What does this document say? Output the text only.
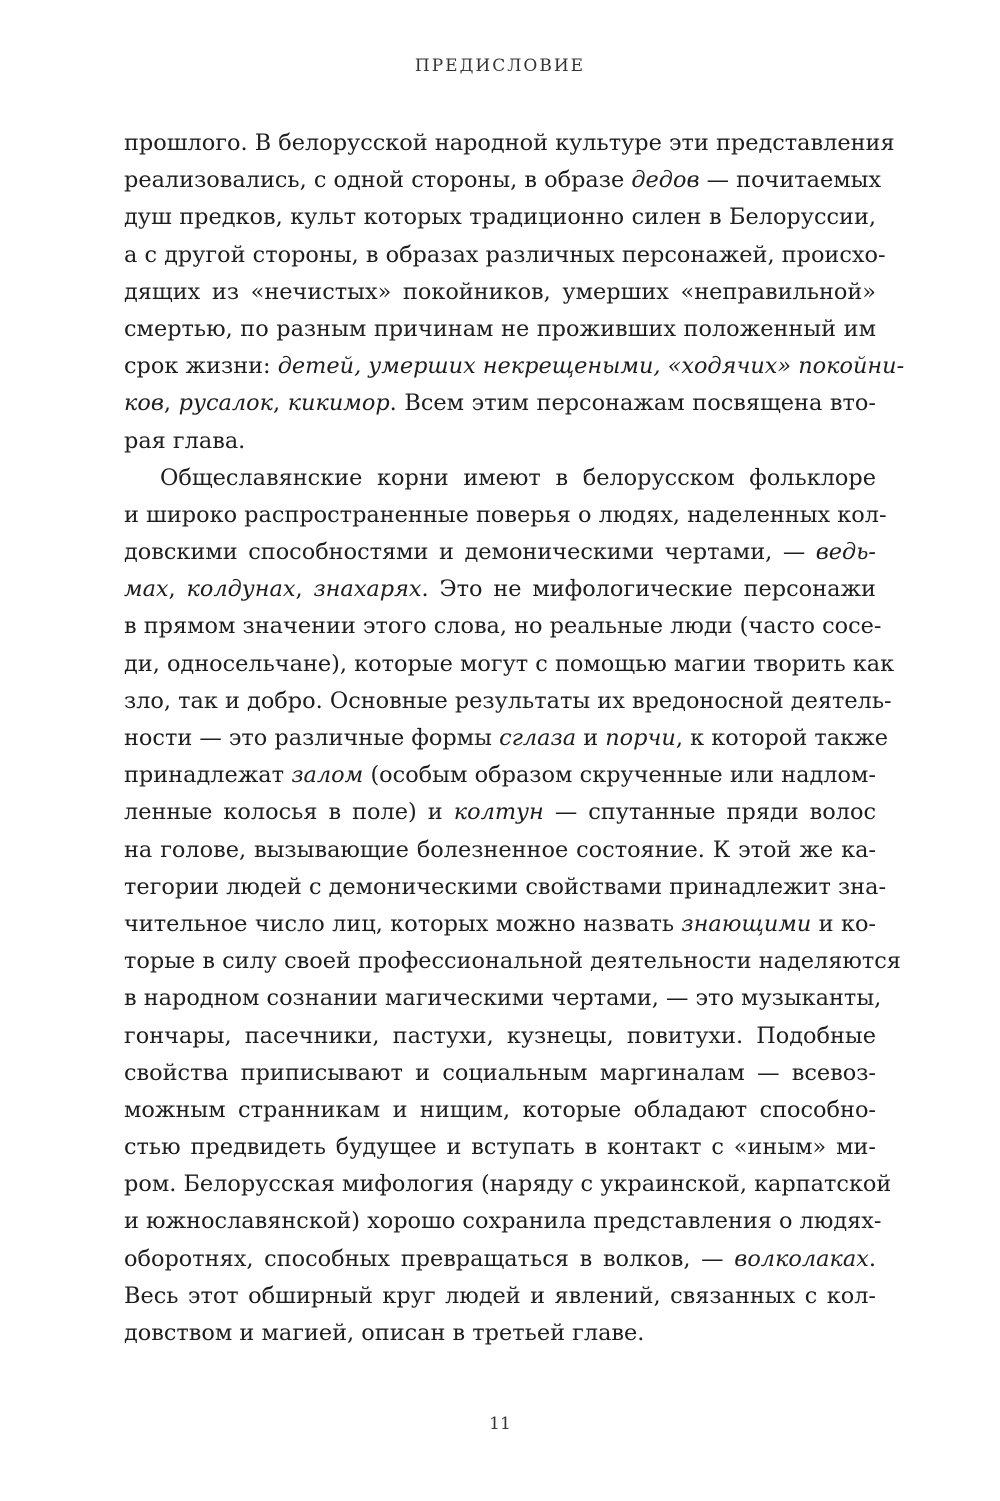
ПРЕДИСЛОВИЕ
прошлого. В белорусской народной культуре эти представления
реализовались, с одной стороны, в образе дедов — почитаемых
душ предков, культ которых традиционно силен в Белоруссии,
а с другой стороны, в образах различных персонажей, происхо-
дящих из «нечистых» покойников, умерших «неправильной»
смертью, по разным причинам не проживших положенный им
срок жизни: детей, умерших некрещеными, «ходячих» покойни-
ков, русалок, кикимор. Всем этим персонажам посвящена вто-
рая глава.
Общеславянские корни имеют в белорусском фольклоре
и широко распространенные поверья о людях, наделенных кол-
довскими способностями и демоническими чертами, — ведь-
мах, колдунах, знахарях. Это не мифологические персонажи
в прямом значении этого слова, но реальные люди (часто сосе-
ди, односельчане), которые могут с помощью магии творить как
зло, так и добро. Основные результаты их вредоносной деятель-
ности — это различные формы сглаза и порчи, к которой также
принадлежат залом (особым образом скрученные или надлом-
ленные колосья в поле) и колтун — спутанные пряди волос
на голове, вызывающие болезненное состояние. К этой же ка-
тегории людей с демоническими свойствами принадлежит зна-
чительное число лиц, которых можно назвать знающими и ко-
торые в силу своей профессиональной деятельности наделяются
в народном сознании магическими чертами, — это музыканты,
гончары, пасечники, пастухи, кузнецы, повитухи. Подобные
свойства приписывают и социальным маргиналам — всевоз-
можным странникам и нищим, которые обладают способно-
стью предвидеть будущее и вступать в контакт с «иным» ми-
ром. Белорусская мифология (наряду с украинской, карпатской
и южнославянской) хорошо сохранила представления о людях-
оборотнях, способных превращаться в волков, — волколаках.
Весь этот обширный круг людей и явлений, связанных с кол-
довством и магией, описан в третьей главе.
11
